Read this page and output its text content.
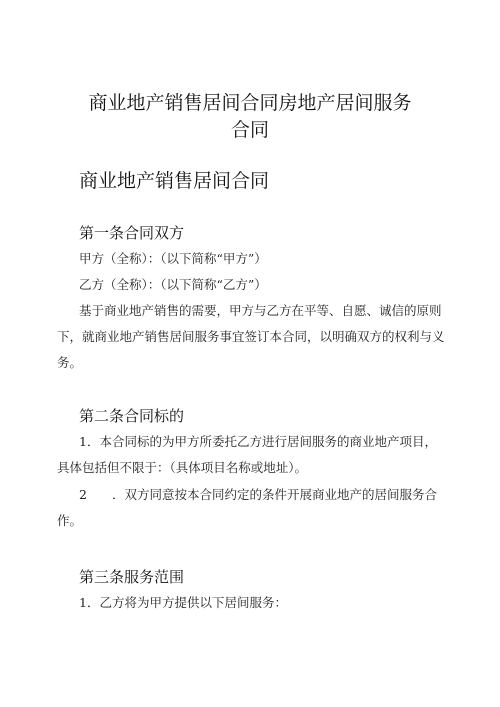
商业地产销售居间合同房地产居间服务
合同
商业地产销售居间合同
第一条合同双方
甲方（全称）：（以下简称“甲方”）
乙方（全称）：（以下简称“乙方”）
基于商业地产销售的需要，甲方与乙方在平等、自愿、诚信的原则
下，就商业地产销售居间服务事宜签订本合同，以明确双方的权利与义
务。
第二条合同标的
1．本合同标的为甲方所委托乙方进行居间服务的商业地产项目，
具体包括但不限于：（具体项目名称或地址）。
2　　．双方同意按本合同约定的条件开展商业地产的居间服务合
作。
第三条服务范围
1．乙方将为甲方提供以下居间服务：
